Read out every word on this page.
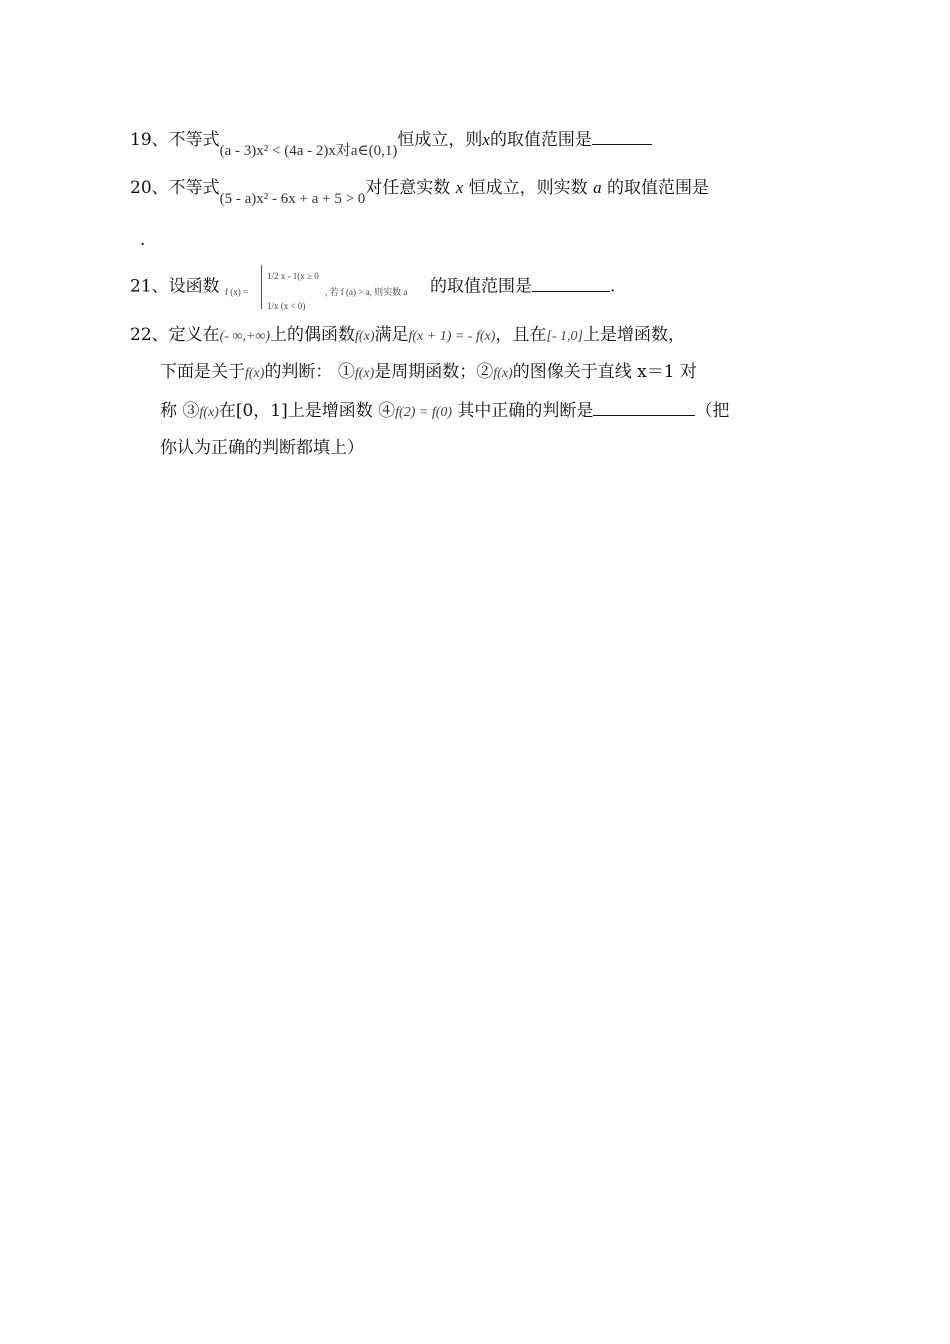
19、不等式(a - 3)x² < (4a - 2)x对a∈(0,1)恒成立，则x的取值范围是
20、不等式(5 - a)x² - 6x + a + 5 > 0对任意实数 x 恒成立，则实数 a 的取值范围是
.
21、设函数 f (x) =
1/2 x - 1(x ≥ 0
1/x (x < 0)
, 若 f (a) > a, 则实数 a 的取值范围是	.
22、定义在(- ∞,+∞)上的偶函数f(x)满足f(x + 1) = - f(x)，且在[- 1,0]上是增函数，
下面是关于f(x)的判断： ①f(x)是周期函数；②f(x)的图像关于直线 x＝1 对
称 ③f(x)在[0，1]上是增函数 ④f(2) = f(0) 其中正确的判断是	（把
你认为正确的判断都填上）
